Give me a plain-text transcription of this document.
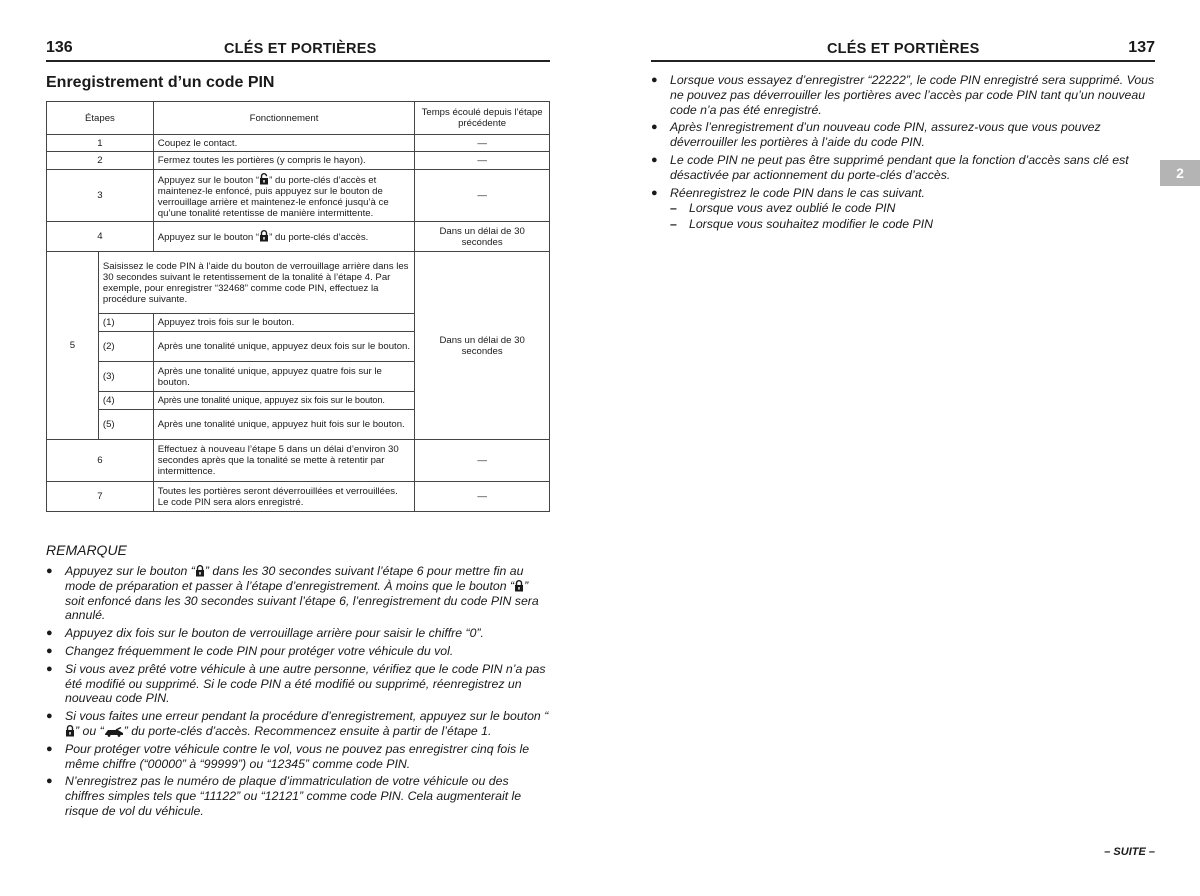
136	CLÉS ET PORTIÈRES
Enregistrement d’un code PIN
Étapes		Fonctionnement	Temps écoulé depuis l’étape précédente
1		Coupez le contact.	—
2		Fermez toutes les portières (y compris le hayon).	—
3		Appuyez sur le bouton “ ” du porte-clés d’accès et maintenez-le enfoncé, puis appuyez sur le bouton de verrouillage arrière et maintenez-le enfoncé jusqu’à ce qu’une tonalité retentisse de manière intermittente.	—
4		Appuyez sur le bouton “ ” du porte-clés d’accès.	Dans un délai de 30 secondes
5	Saisissez le code PIN à l’aide du bouton de verrouillage arrière dans les 30 secondes suivant le retentissement de la tonalité à l’étape 4. Par exemple, pour enregistrer “32468” comme code PIN, effectuez la procédure suivante.		Dans un délai de 30 secondes
	(1)	Appuyez trois fois sur le bouton.	
	(2)	Après une tonalité unique, appuyez deux fois sur le bouton.	
	(3)	Après une tonalité unique, appuyez quatre fois sur le bouton.	
	(4)	Après une tonalité unique, appuyez six fois sur le bouton.	
	(5)	Après une tonalité unique, appuyez huit fois sur le bouton.	
6		Effectuez à nouveau l’étape 5 dans un délai d’environ 30 secondes après que la tonalité se mette à retentir par intermittence.	—
7		Toutes les portières seront déverrouillées et verrouillées. Le code PIN sera alors enregistré.	—
REMARQUE
● Appuyez sur le bouton “ ” dans les 30 secondes suivant l’étape 6 pour mettre fin au mode de préparation et passer à l’étape d’enregistrement. À moins que le bouton “ ” soit enfoncé dans les 30 secondes suivant l’étape 6, l’enregistrement du code PIN sera annulé.
● Appuyez dix fois sur le bouton de verrouillage arrière pour saisir le chiffre “0”.
● Changez fréquemment le code PIN pour protéger votre véhicule du vol.
● Si vous avez prêté votre véhicule à une autre personne, vérifiez que le code PIN n’a pas été modifié ou supprimé. Si le code PIN a été modifié ou supprimé, réenregistrez un nouveau code PIN.
● Si vous faites une erreur pendant la procédure d’enregistrement, appuyez sur le bouton “” ou “ ” du porte-clés d’accès. Recommencez ensuite à partir de l’étape 1.
● Pour protéger votre véhicule contre le vol, vous ne pouvez pas enregistrer cinq fois le même chiffre (“00000” à “99999”) ou “12345” comme code PIN.
● N’enregistrez pas le numéro de plaque d’immatriculation de votre véhicule ou des chiffres simples tels que “11122” ou “12121” comme code PIN. Cela augmenterait le risque de vol du véhicule.
CLÉS ET PORTIÈRES	137
● Lorsque vous essayez d’enregistrer “22222”, le code PIN enregistré sera supprimé. Vous ne pouvez pas déverrouiller les portières avec l’accès par code PIN tant qu’un nouveau code n’a pas été enregistré.
● Après l’enregistrement d’un nouveau code PIN, assurez-vous que vous pouvez déverrouiller les portières à l’aide du code PIN.
● Le code PIN ne peut pas être supprimé pendant que la fonction d’accès sans clé est désactivée par actionnement du porte-clés d’accès.
● Réenregistrez le code PIN dans le cas suivant.
– Lorsque vous avez oublié le code PIN
– Lorsque vous souhaitez modifier le code PIN
– SUITE –
2
